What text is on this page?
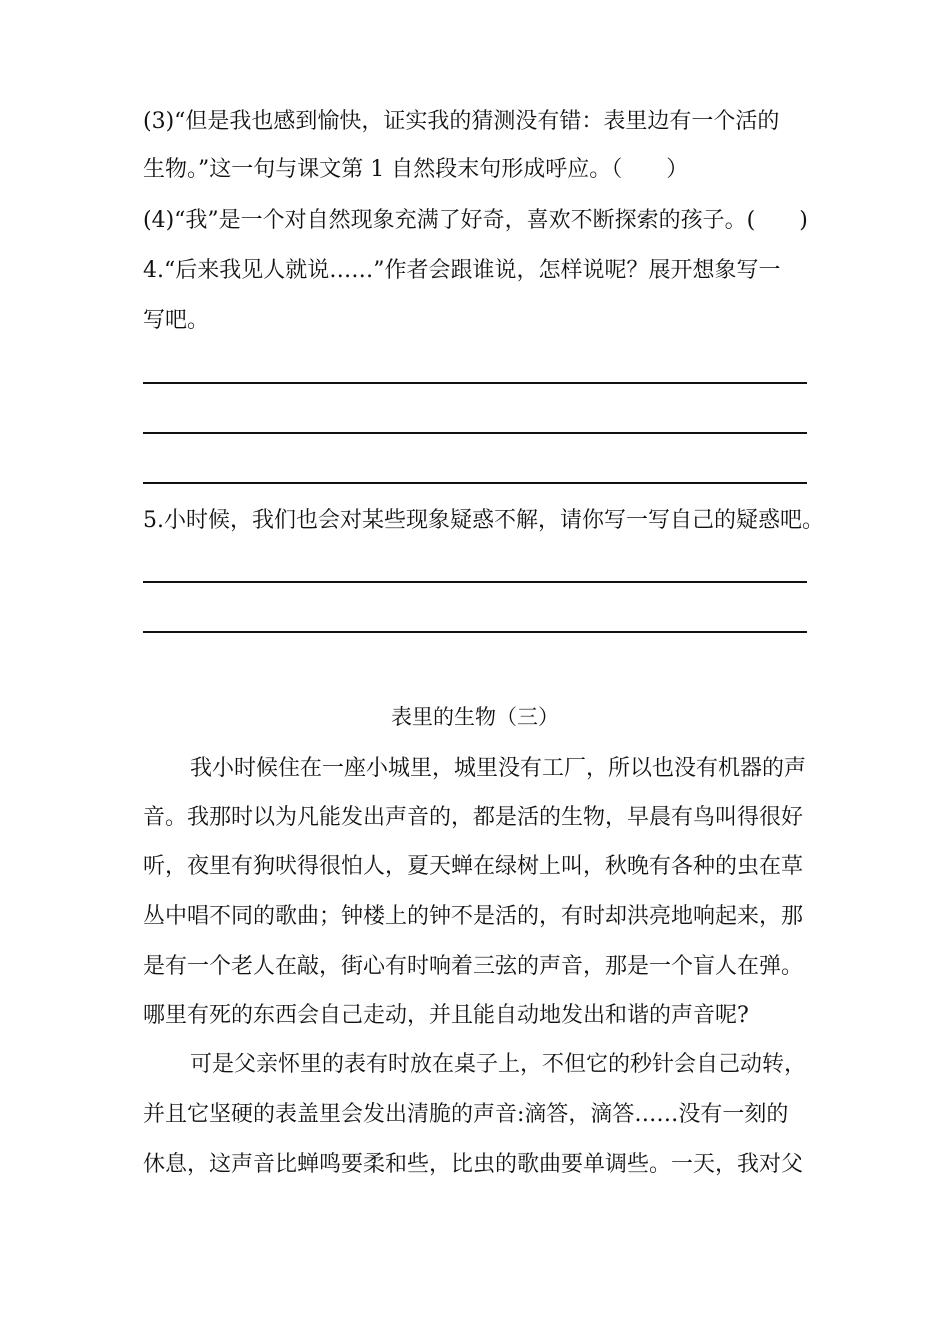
(3)“但是我也感到愉快，证实我的猜测没有错：表里边有一个活的
生物。”这一句与课文第 1 自然段末句形成呼应。（　　）
(4)“我”是一个对自然现象充满了好奇，喜欢不断探索的孩子。(　　)
4.“后来我见人就说……”作者会跟谁说，怎样说呢？展开想象写一
写吧。
5.小时候，我们也会对某些现象疑惑不解，请你写一写自己的疑惑吧。
表里的生物（三）
我小时候住在一座小城里，城里没有工厂，所以也没有机器的声
音。我那时以为凡能发出声音的，都是活的生物，早晨有鸟叫得很好
听，夜里有狗吠得很怕人，夏天蝉在绿树上叫，秋晚有各种的虫在草
丛中唱不同的歌曲；钟楼上的钟不是活的，有时却洪亮地响起来，那
是有一个老人在敲，街心有时响着三弦的声音，那是一个盲人在弹。
哪里有死的东西会自己走动，并且能自动地发出和谐的声音呢?
可是父亲怀里的表有时放在桌子上，不但它的秒针会自己动转，
并且它坚硬的表盖里会发出清脆的声音:滴答，滴答……没有一刻的
休息，这声音比蝉鸣要柔和些，比虫的歌曲要单调些。一天，我对父
